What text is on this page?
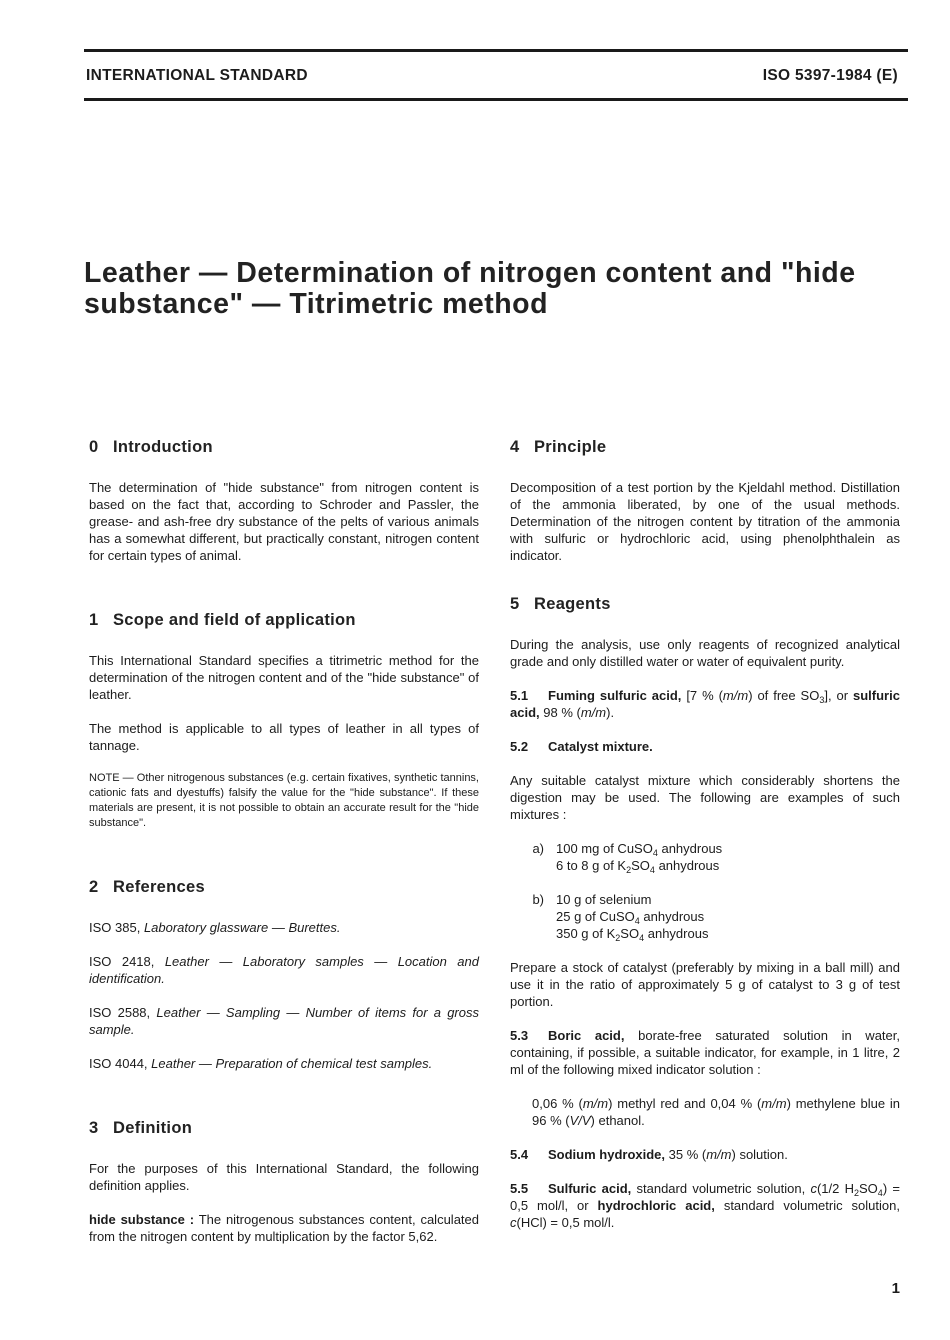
INTERNATIONAL STANDARD	ISO 5397-1984 (E)
Leather — Determination of nitrogen content and "hide substance" — Titrimetric method
0 Introduction

The determination of "hide substance" from nitrogen content is based on the fact that, according to Schroder and Passler, the grease- and ash-free dry substance of the pelts of various animals has a somewhat different, but practically constant, nitrogen content for certain types of animal.

1 Scope and field of application

This International Standard specifies a titrimetric method for the determination of the nitrogen content and of the "hide substance" of leather.

The method is applicable to all types of leather in all types of tannage.

NOTE — Other nitrogenous substances (e.g. certain fixatives, synthetic tannins, cationic fats and dyestuffs) falsify the value for the "hide substance". If these materials are present, it is not possible to obtain an accurate result for the "hide substance".

2 References

ISO 385, Laboratory glassware — Burettes.

ISO 2418, Leather — Laboratory samples — Location and identification.

ISO 2588, Leather — Sampling — Number of items for a gross sample.

ISO 4044, Leather — Preparation of chemical test samples.

3 Definition

For the purposes of this International Standard, the following definition applies.

hide substance : The nitrogenous substances content, calculated from the nitrogen content by multiplication by the factor 5,62.

4 Principle

Decomposition of a test portion by the Kjeldahl method. Distillation of the ammonia liberated, by one of the usual methods. Determination of the nitrogen content by titration of the ammonia with sulfuric or hydrochloric acid, using phenolphthalein as indicator.

5 Reagents

During the analysis, use only reagents of recognized analytical grade and only distilled water or water of equivalent purity.

5.1 Fuming sulfuric acid, [7 % (m/m) of free $SO_3$], or sulfuric acid, 98 % (m/m).

5.2 Catalyst mixture.

Any suitable catalyst mixture which considerably shortens the digestion may be used. The following are examples of such mixtures :

a) 100 mg of CuSO$_4$ anhydrous
6 to 8 g of $K_2SO_4$ anhydrous
b) 10 g of selenium
25 g of CuSO$_4$ anhydrous
350 g of $K_2SO_4$ anhydrous

Prepare a stock of catalyst (preferably by mixing in a ball mill) and use it in the ratio of approximately 5 g of catalyst to 3 g of test portion.

5.3 Boric acid, borate-free saturated solution in water, containing, if possible, a suitable indicator, for example, in 1 litre, 2 ml of the following mixed indicator solution :

0,06 % (m/m) methyl red and 0,04 % (m/m) methylene blue in 96 % (V/V) ethanol.

5.4 Sodium hydroxide, 35 % (m/m) solution.

5.5 Sulfuric acid, standard volumetric solution, c(1/2 $H_2SO_4) = 0,5$ mol/l, or hydrochloric acid, standard volumetric solution, c(HCl) = 0,5 mol/l.

1
